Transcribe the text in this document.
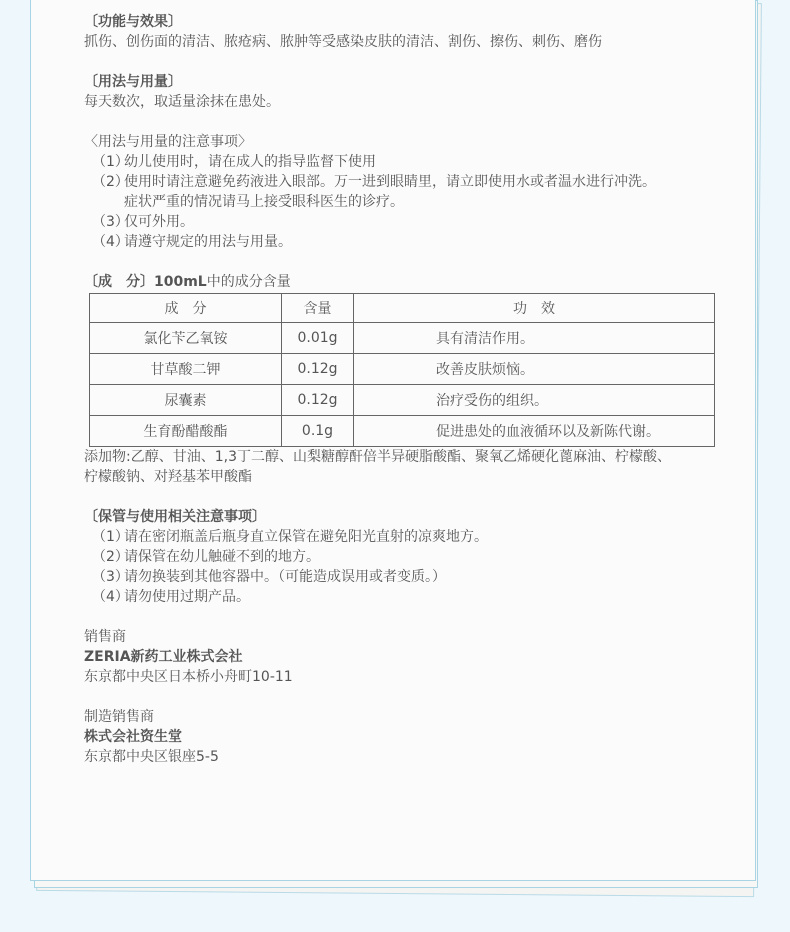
〔功能与效果〕
抓伤、创伤面的清洁、脓疮病、脓肿等受感染皮肤的清洁、割伤、擦伤、刺伤、磨伤
〔用法与用量〕
每天数次，取适量涂抹在患处。
〈用法与用量的注意事项〉
（1）幼儿使用时，请在成人的指导监督下使用
（2）使用时请注意避免药液进入眼部。万一进到眼睛里，请立即使用水或者温水进行冲洗。
症状严重的情况请马上接受眼科医生的诊疗。
（3）仅可外用。
（4）请遵守规定的用法与用量。
〔成　分〕100mL中的成分含量
成　分	含量	功　效
氯化苄乙氧铵	0.01g	具有清洁作用。
甘草酸二钾	0.12g	改善皮肤烦恼。
尿囊素	0.12g	治疗受伤的组织。
生育酚醋酸酯	0.1g	促进患处的血液循环以及新陈代谢。
添加物:乙醇、甘油、1,3丁二醇、山梨糖醇酐倍半异硬脂酸酯、聚氧乙烯硬化蓖麻油、柠檬酸、
柠檬酸钠、对羟基苯甲酸酯
〔保管与使用相关注意事项〕
（1）请在密闭瓶盖后瓶身直立保管在避免阳光直射的凉爽地方。
（2）请保管在幼儿触碰不到的地方。
（3）请勿换装到其他容器中。（可能造成误用或者变质。）
（4）请勿使用过期产品。
销售商
ZERIA新药工业株式会社
东京都中央区日本桥小舟町10-11
制造销售商
株式会社资生堂
东京都中央区银座5-5
